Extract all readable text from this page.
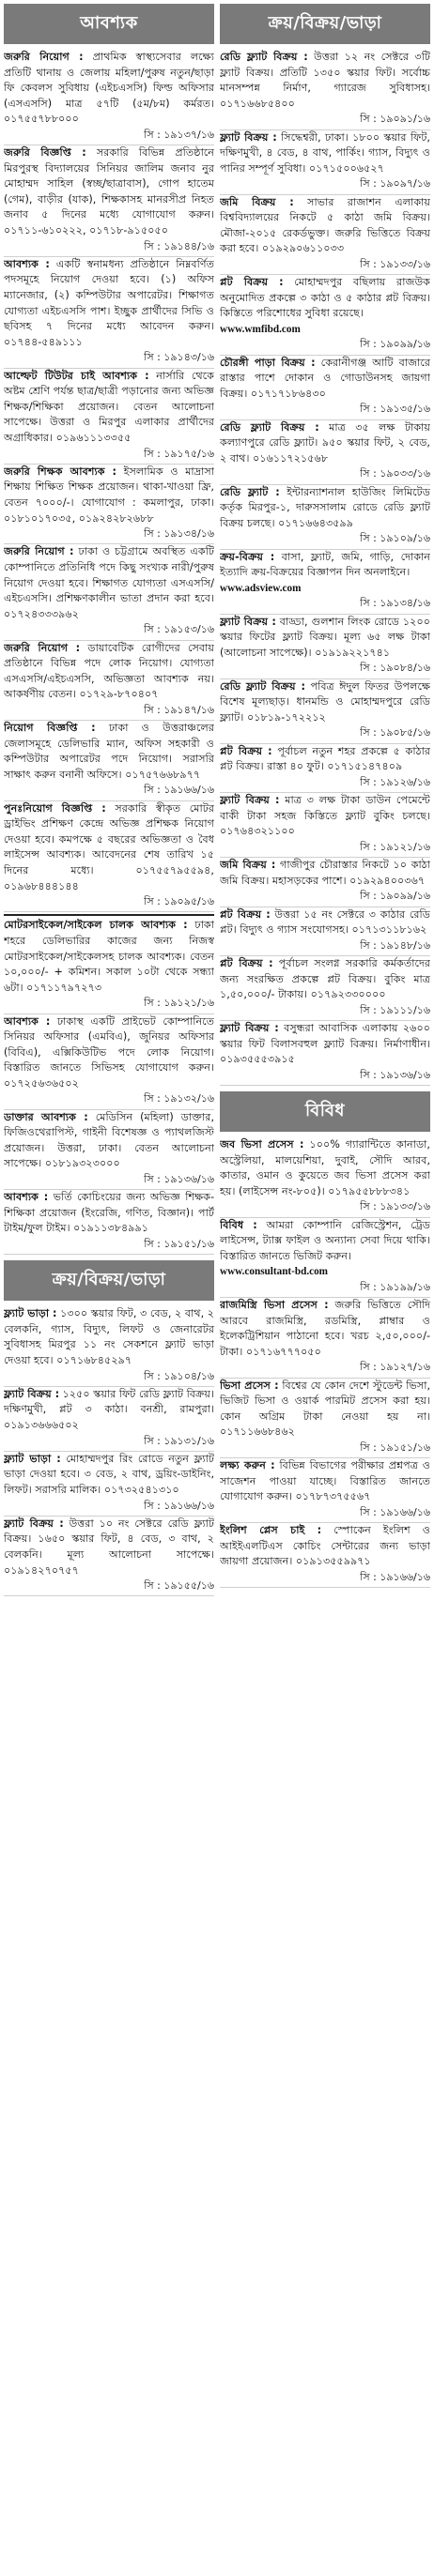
আবশ্যক
জরুরি নিয়োগ : প্রাথমিক স্বাস্থ্যসেবার লক্ষ্যে প্রতিটি থানায় ও জেলায় মহিলা/পুরুষ নতুন/ছাড়া ফি কেবলস সুবিধায় (এইচএসসি) ফিল্ড অফিসার (এসএসসি) মাত্র ৫৭টি (৫ম/৮ম) কর্মরত। ০১৭৫৫৭৮৮০০০
সি : ১৯১৩৭/১৬
জরুরি বিজ্ঞপ্তি : সরকারি বিভিন্ন প্রতিষ্ঠানে মিরপুরস্থ বিদ্যালয়ের সিনিয়র জালিম জনাব নুর মোহাম্মদ সাহিল (স্বচ্ছ/ছাত্রাবাস), গোপ হাতেম (গেম), বাড়ীর (যাক), শিক্ষকাসহ মানরসীপ্র নিহত জনাব ৫ দিনের মধ্যে যোগাযোগ করুন। ০১৭১১-৬১০২২২, ০১৭১৮-৯১৫০৫০
সি : ১৯১৪৪/১৬
আবশ্যক : একটি স্বনামধন্য প্রতিষ্ঠানে নিম্নবর্ণিত পদসমূহে নিয়োগ দেওয়া হবে। (১) অফিস ম্যানেজার, (২) কম্পিউটার অপারেটর। শিক্ষাগত যোগ্যতা এইচএসসি পাশ। ইচ্ছুক প্রার্থীদের সিভি ও ছবিসহ ৭ দিনের মধ্যে আবেদন করুন। ০১৭৪৪-৫৪৯১১১
সি : ১৯১৪৩/১৬
আল্ফেট টিউটর চাই আবশ্যক : নার্সারি থেকে অষ্টম শ্রেণি পর্যন্ত ছাত্র/ছাত্রী পড়ানোর জন্য অভিজ্ঞ শিক্ষক/শিক্ষিকা প্রয়োজন। বেতন আলোচনা সাপেক্ষে। উত্তরা ও মিরপুর এলাকার প্রার্থীদের অগ্রাধিকার। ০১৯৬১১১৩৩৫৫
সি : ১৯১৭৫/১৬
জরুরি শিক্ষক আবশ্যক : ইসলামিক ও মাদ্রাসা শিক্ষায় শিক্ষিত শিক্ষক প্রয়োজন। থাকা-খাওয়া ফ্রি, বেতন ৭০০০/-। যোগাযোগ : কমলাপুর, ঢাকা। ০১৮১০১৭০৩৫, ০১৯২৪২৮২৬৮৮
সি : ১৯১৩৪/১৬
জরুরি নিয়োগ : ঢাকা ও চট্টগ্রামে অবস্থিত একটি কোম্পানিতে প্রতিনিধি পদে কিছু সংখ্যক নারী/পুরুষ নিয়োগ দেওয়া হবে। শিক্ষাগত যোগ্যতা এসএসসি/এইচএসসি। প্রশিক্ষণকালীন ভাতা প্রদান করা হবে। ০১৭২৪৩৩৩৯৬২
সি : ১৯১৫৩/১৬
জরুরি নিয়োগ : ডায়াবেটিক রোগীদের সেবায় প্রতিষ্ঠানে বিভিন্ন পদে লোক নিয়োগ। যোগ্যতা এসএসসি/এইচএসসি, অভিজ্ঞতা আবশ্যক নয়। আকর্ষণীয় বেতন। ০১৭২৯-৮৭০৪০৭
সি : ১৯১৪৭/১৬
নিয়োগ বিজ্ঞপ্তি : ঢাকা ও উত্তরাঞ্চলের জেলাসমূহে ডেলিভারি ম্যান, অফিস সহকারী ও কম্পিউটার অপারেটর পদে নিয়োগ। সরাসরি সাক্ষাৎ করুন বনানী অফিসে। ০১৭৫৭৬৬৮৯৭৭
সি : ১৯১৬৬/১৬
পুনঃনিয়োগ বিজ্ঞপ্তি : সরকারি স্বীকৃত মোটর ড্রাইভিং প্রশিক্ষণ কেন্দ্রে অভিজ্ঞ প্রশিক্ষক নিয়োগ দেওয়া হবে। কমপক্ষে ৫ বছরের অভিজ্ঞতা ও বৈধ লাইসেন্স আবশ্যক। আবেদনের শেষ তারিখ ১৫ দিনের মধ্যে। ০১৭৫৫৭৯৫৫৯৪, ০১৯৬৮৪৪৪১৪৪
সি : ১৯০৯৫/১৬
মোটরসাইকেল/সাইকেল চালক আবশ্যক : ঢাকা শহরে ডেলিভারির কাজের জন্য নিজস্ব মোটরসাইকেল/সাইকেলসহ চালক আবশ্যক। বেতন ১০,০০০/- + কমিশন। সকাল ১০টা থেকে সন্ধ্যা ৬টা। ০১৭১১৭৯৭২৭৩
সি : ১৯১২১/১৬
আবশ্যক : ঢাকাস্থ একটি প্রাইভেট কোম্পানিতে সিনিয়র অফিসার (এমবিএ), জুনিয়র অফিসার (বিবিএ), এক্সিকিউটিভ পদে লোক নিয়োগ। বিস্তারিত জানতে সিভিসহ যোগাযোগ করুন। ০১৭২৫৬৩৬৫০২
সি : ১৯১৩২/১৬
ডাক্তার আবশ্যক : মেডিসিন (মহিলা) ডাক্তার, ফিজিওথেরাপিস্ট, গাইনী বিশেষজ্ঞ ও প্যাথলজিস্ট প্রয়োজন। উত্তরা, ঢাকা। বেতন আলোচনা সাপেক্ষে। ০১৮১৯৩২৩০০০
সি : ১৯১৩৬/১৬
আবশ্যক : ভর্তি কোচিংয়ের জন্য অভিজ্ঞ শিক্ষক-শিক্ষিকা প্রয়োজন (ইংরেজি, গণিত, বিজ্ঞান)। পার্ট টাইম/ফুল টাইম। ০১৯১১৩৮৪৯৯১
সি : ১৯১৫১/১৬
ক্রয়/বিক্রয়/ভাড়া
ফ্ল্যাট ভাড়া : ১৩০০ স্কয়ার ফিট, ৩ বেড, ২ বাথ, ২ বেলকনি, গ্যাস, বিদ্যুৎ, লিফট ও জেনারেটর সুবিধাসহ মিরপুর ১১ নং সেকশনে ফ্ল্যাট ভাড়া দেওয়া হবে। ০১৭১৬৮৪৫২৯৭
সি : ১৯১০৪/১৬
ফ্ল্যাট বিক্রয় : ১২৫০ স্কয়ার ফিট রেডি ফ্ল্যাট বিক্রয়। দক্ষিণমুখী, প্লট ৩ কাঠা। বনশ্রী, রামপুরা। ০১৯১৩৬৬৬৫০২
সি : ১৯১৩১/১৬
ফ্ল্যাট ভাড়া : মোহাম্মদপুর রিং রোডে নতুন ফ্ল্যাট ভাড়া দেওয়া হবে। ৩ বেড, ২ বাথ, ড্রয়িং-ডাইনিং, লিফট। সরাসরি মালিক। ০১৭৩২৫৪১৩১০
সি : ১৯১৬৬/১৬
ফ্ল্যাট বিক্রয় : উত্তরা ১০ নং সেক্টরে রেডি ফ্ল্যাট বিক্রয়। ১৬৫০ স্কয়ার ফিট, ৪ বেড, ৩ বাথ, ২ বেলকনি। মূল্য আলোচনা সাপেক্ষে। ০১৯১৪২৭০৭৫৭
সি : ১৯১৫৫/১৬
ক্রয়/বিক্রয়/ভাড়া
রেডি ফ্ল্যাট বিক্রয় : উত্তরা ১২ নং সেক্টরে ৩টি ফ্ল্যাট বিক্রয়। প্রতিটি ১৩৫০ স্কয়ার ফিট। সর্বোচ্চ মানসম্পন্ন নির্মাণ, গ্যারেজ সুবিধাসহ। ০১৭১৬৬৮৫৪০০
সি : ১৯০৯১/১৬
ফ্ল্যাট বিক্রয় : সিদ্ধেশ্বরী, ঢাকা। ১৮০০ স্কয়ার ফিট, দক্ষিণমুখী, ৪ বেড, ৪ বাথ, পার্কিং। গ্যাস, বিদ্যুৎ ও পানির সম্পূর্ণ সুবিধা। ০১৭১৫০০৬৫২৭
সি : ১৯০৯৭/১৬
জমি বিক্রয় : সাভার রাজাশন এলাকায় বিশ্ববিদ্যালয়ের নিকটে ৫ কাঠা জমি বিক্রয়। মৌজা-২০১৫ রেকর্ডভুক্ত। জরুরি ভিত্তিতে বিক্রয় করা হবে। ০১৯২৯০৬১১০৩৩
সি : ১৯১৩৩/১৬
প্লট বিক্রয় : মোহাম্মদপুর বছিলায় রাজউক অনুমোদিত প্রকল্পে ৩ কাঠা ও ৫ কাঠার প্লট বিক্রয়। কিস্তিতে পরিশোধের সুবিধা রয়েছে।
www.wmfibd.com
সি : ১৯০৯৯/১৬
চৌরঙ্গী পাড়া বিক্রয় : কেরানীগঞ্জ আটি বাজারে রাস্তার পাশে দোকান ও গোডাউনসহ জায়গা বিক্রয়। ০১৭১৭১৮৬৪৩০
সি : ১৯১৩৫/১৬
রেডি ফ্ল্যাট বিক্রয় : মাত্র ৩৫ লক্ষ টাকায় কল্যাণপুরে রেডি ফ্ল্যাট। ৯৫০ স্কয়ার ফিট, ২ বেড, ২ বাথ। ০১৬১১৭২১৫৬৮
সি : ১৯০৩৩/১৬
রেডি ফ্ল্যাট : ইন্টারন্যাশনাল হাউজিং লিমিটেড কর্তৃক মিরপুর-১, দারুসসালাম রোডে রেডি ফ্ল্যাট বিক্রয় চলছে। ০১৭১৬৬৪৩৫৯৯
সি : ১৯১০৯/১৬
ক্রয়-বিক্রয় : বাসা, ফ্ল্যাট, জমি, গাড়ি, দোকান ইত্যাদি ক্রয়-বিক্রয়ের বিজ্ঞাপন দিন অনলাইনে।
www.adsview.com
সি : ১৯১৩৪/১৬
ফ্ল্যাট বিক্রয় : বাড্ডা, গুলশান লিংক রোডে ১২০০ স্কয়ার ফিটের ফ্ল্যাট বিক্রয়। মূল্য ৬৫ লক্ষ টাকা (আলোচনা সাপেক্ষে)। ০১৯১৯২২১৭৪১
সি : ১৯০৮৪/১৬
রেডি ফ্ল্যাট বিক্রয় : পবিত্র ঈদুল ফিতর উপলক্ষে বিশেষ মূল্যছাড়। ধানমন্ডি ও মোহাম্মদপুরে রেডি ফ্ল্যাট। ০১৮১৯-১৭২২১২
সি : ১৯০৮৫/১৬
প্লট বিক্রয় : পূর্বাচল নতুন শহর প্রকল্পে ৫ কাঠার প্লট বিক্রয়। রাস্তা ৪০ ফুট। ০১৭১৫১৪৭৪০৯
সি : ১৯১২৬/১৬
ফ্ল্যাট বিক্রয় : মাত্র ৩ লক্ষ টাকা ডাউন পেমেন্টে বাকী টাকা সহজ কিস্তিতে ফ্ল্যাট বুকিং চলছে। ০১৭৬৪৩২১১০০
সি : ১৯১২১/১৬
জমি বিক্রয় : গাজীপুর চৌরাস্তার নিকটে ১০ কাঠা জমি বিক্রয়। মহাসড়কের পাশে। ০১৯২৯৪০০৩৬৭
সি : ১৯০৯৯/১৬
প্লট বিক্রয় : উত্তরা ১৫ নং সেক্টরে ৩ কাঠার রেডি প্লট। বিদ্যুৎ ও গ্যাস সংযোগসহ। ০১৭১৩১১৮১৬২
সি : ১৯১৪৮/১৬
প্লট বিক্রয় : পূর্বাচল সংলগ্ন সরকারি কর্মকর্তাদের জন্য সংরক্ষিত প্রকল্পে প্লট বিক্রয়। বুকিং মাত্র ১,৫০,০০০/- টাকায়। ০১৭৯২৩৩০০০০
সি : ১৯১১১/১৬
ফ্ল্যাট বিক্রয় : বসুন্ধরা আবাসিক এলাকায় ২৬০০ স্কয়ার ফিট বিলাসবহুল ফ্ল্যাট বিক্রয়। নির্মাণাধীন। ০১৯৩৫৫৫৩৯১৫
সি : ১৯১৩৬/১৬
বিবিধ
জব ভিসা প্রসেস : ১০০% গ্যারান্টিতে কানাডা, অস্ট্রেলিয়া, মালয়েশিয়া, দুবাই, সৌদি আরব, কাতার, ওমান ও কুয়েতে জব ভিসা প্রসেস করা হয়। (লাইসেন্স নং-৮০৫)। ০১৭৯৫৫৮৮৮৩৪১
সি : ১৯১৩৩/১৬
বিবিধ : আমরা কোম্পানি রেজিস্ট্রেশন, ট্রেড লাইসেন্স, ট্যাক্স ফাইল ও অন্যান্য সেবা দিয়ে থাকি। বিস্তারিত জানতে ভিজিট করুন।
www.consultant-bd.com
সি : ১৯১৯৯/১৬
রাজমিস্ত্রি ভিসা প্রসেস : জরুরি ভিত্তিতে সৌদি আরবে রাজমিস্ত্রি, রডমিস্ত্রি, প্লাম্বার ও ইলেকট্রিশিয়ান পাঠানো হবে। খরচ ২,৫০,০০০/- টাকা। ০১৭১৬৭৭৭০৫০
সি : ১৯১২৭/১৬
ভিসা প্রসেস : বিশ্বের যে কোন দেশে স্টুডেন্ট ভিসা, ভিজিট ভিসা ও ওয়ার্ক পারমিট প্রসেস করা হয়। কোন অগ্রিম টাকা নেওয়া হয় না। ০১৭১১৬৬৮৪৬২
সি : ১৯১৫১/১৬
লক্ষ্য করুন : বিভিন্ন বিভাগের পরীক্ষার প্রশ্নপত্র ও সাজেশন পাওয়া যাচ্ছে। বিস্তারিত জানতে যোগাযোগ করুন। ০১৭৮৭৩৭৫৫৬৭
সি : ১৯১৬৬/১৬
ইংলিশ প্লেস চাই : স্পোকেন ইংলিশ ও আইইএলটিএস কোচিং সেন্টারের জন্য ভাড়া জায়গা প্রয়োজন। ০১৯১৩৫৫৯৯৭১
সি : ১৯১৬৬/১৬
